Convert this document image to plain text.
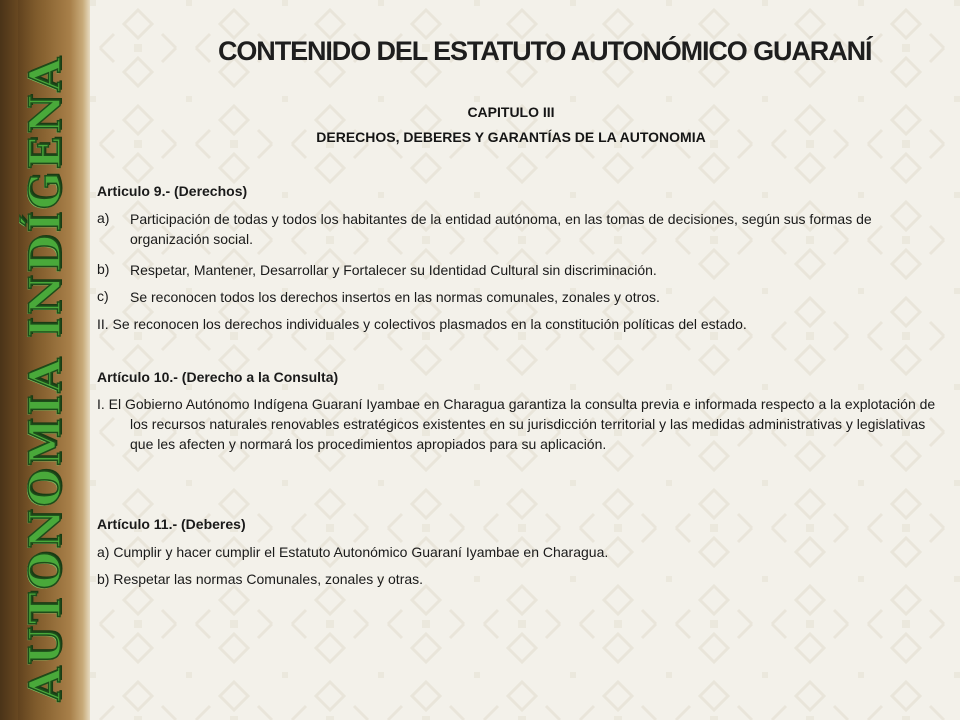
AUTONOMIA INDÍGENA
CONTENIDO DEL ESTATUTO AUTONÓMICO GUARANÍ
CAPITULO III
DERECHOS, DEBERES Y GARANTÍAS DE LA AUTONOMIA
Articulo 9.- (Derechos)
a) Participación de todas y todos los habitantes de la entidad autónoma, en las tomas de decisiones, según sus formas de organización social.
b) Respetar, Mantener, Desarrollar y Fortalecer su Identidad Cultural sin discriminación.
c) Se reconocen todos los derechos insertos en las normas comunales, zonales y otros.
II. Se reconocen los derechos individuales y colectivos plasmados en la constitución políticas del estado.
Artículo 10.- (Derecho a la Consulta)
I. El Gobierno Autónomo Indígena Guaraní Iyambae en Charagua garantiza la consulta previa e informada respecto a la explotación de los recursos naturales renovables estratégicos existentes en su jurisdicción territorial y las medidas administrativas y legislativas que les afecten y normará los procedimientos apropiados para su aplicación.
Artículo 11.- (Deberes)
a) Cumplir y hacer cumplir el Estatuto Autonómico Guaraní Iyambae en Charagua.
b) Respetar las normas Comunales, zonales y otras.
